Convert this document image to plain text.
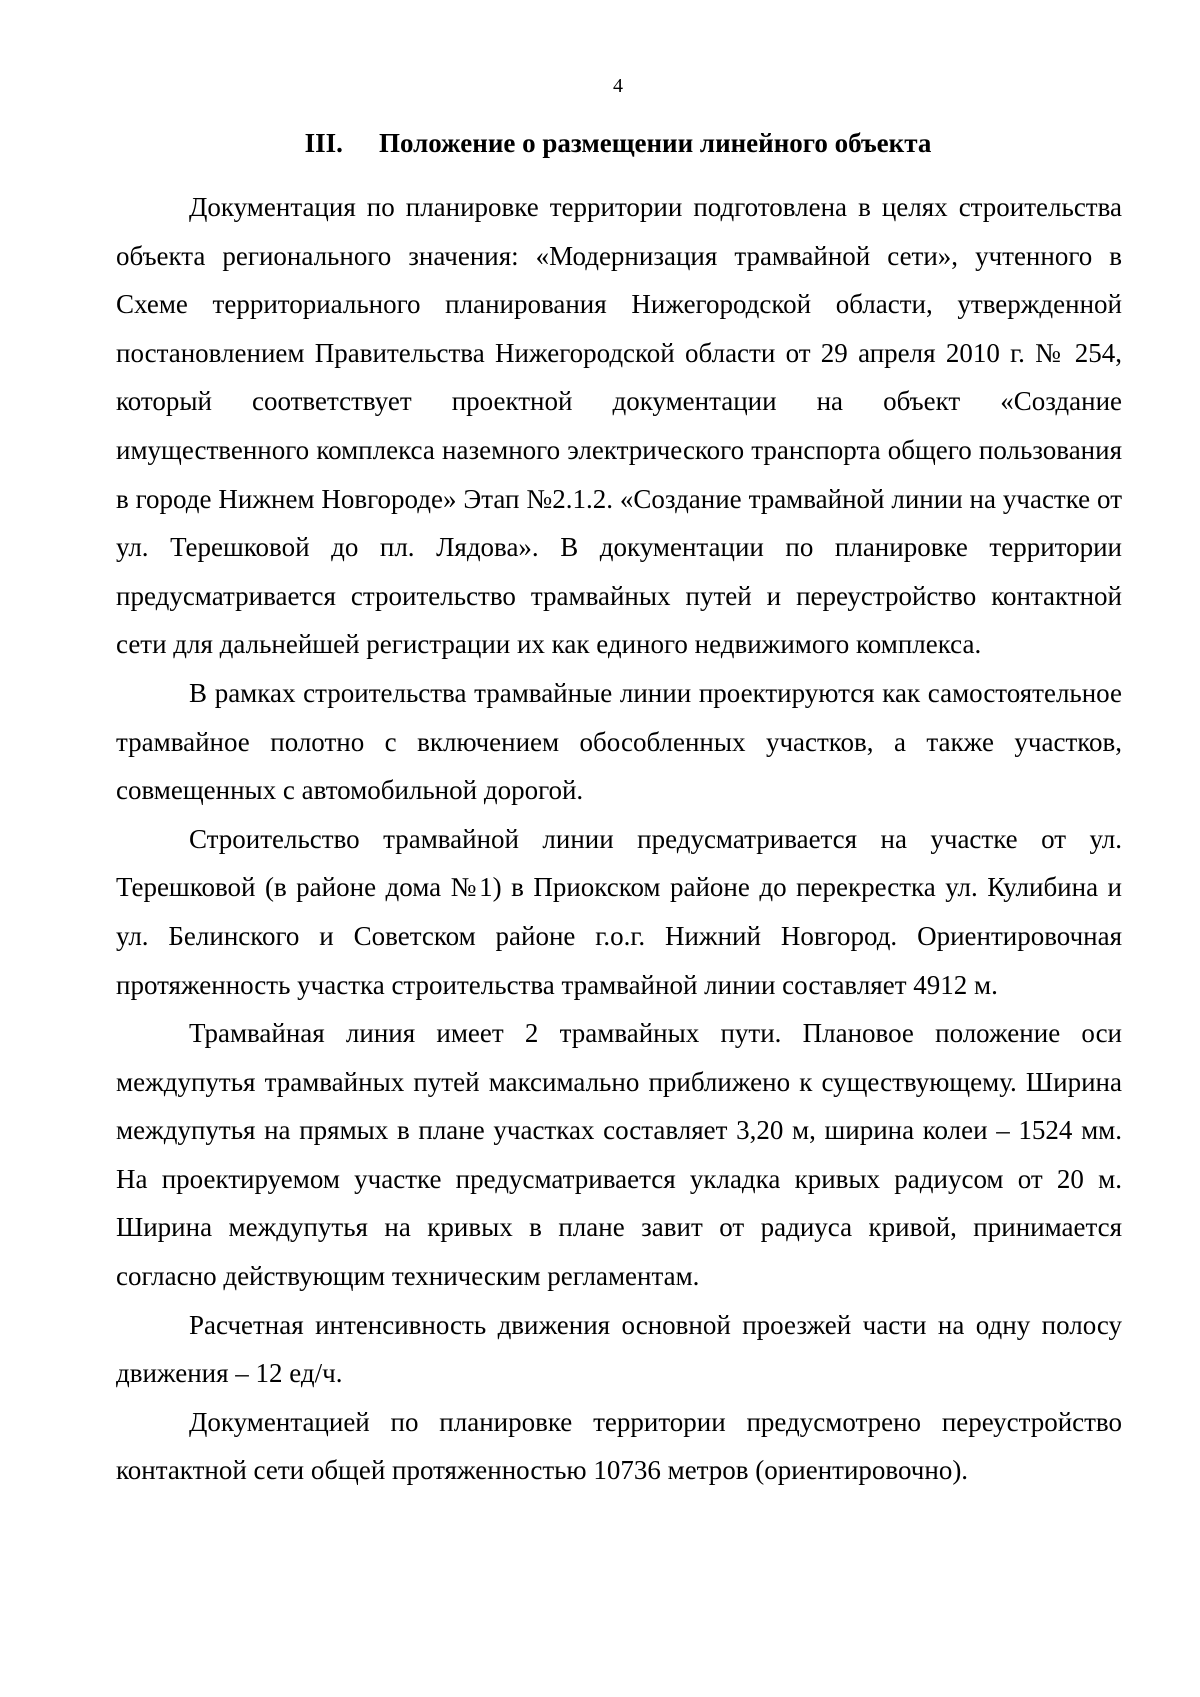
4
III. Положение о размещении линейного объекта

Документация по планировке территории подготовлена в целях строительства объекта регионального значения: «Модернизация трамвайной сети», учтенного в Схеме территориального планирования Нижегородской области, утвержденной постановлением Правительства Нижегородской области от 29 апреля 2010 г. № 254, который соответствует проектной документации на объект «Создание имущественного комплекса наземного электрического транспорта общего пользования в городе Нижнем Новгороде» Этап №2.1.2. «Создание трамвайной линии на участке от ул. Терешковой до пл. Лядова». В документации по планировке территории предусматривается строительство трамвайных путей и переустройство контактной сети для дальнейшей регистрации их как единого недвижимого комплекса.

В рамках строительства трамвайные линии проектируются как самостоятельное трамвайное полотно с включением обособленных участков, а также участков, совмещенных с автомобильной дорогой.

Строительство трамвайной линии предусматривается на участке от ул. Терешковой (в районе дома №1) в Приокском районе до перекрестка ул. Кулибина и ул. Белинского и Советском районе г.о.г. Нижний Новгород. Ориентировочная протяженность участка строительства трамвайной линии составляет 4912 м.

Трамвайная линия имеет 2 трамвайных пути. Плановое положение оси междупутья трамвайных путей максимально приближено к существующему. Ширина междупутья на прямых в плане участках составляет 3,20 м, ширина колеи – 1524 мм. На проектируемом участке предусматривается укладка кривых радиусом от 20 м. Ширина междупутья на кривых в плане завит от радиуса кривой, принимается согласно действующим техническим регламентам.

Расчетная интенсивность движения основной проезжей части на одну полосу движения – 12 ед/ч.

Документацией по планировке территории предусмотрено переустройство контактной сети общей протяженностью 10736 метров (ориентировочно).
